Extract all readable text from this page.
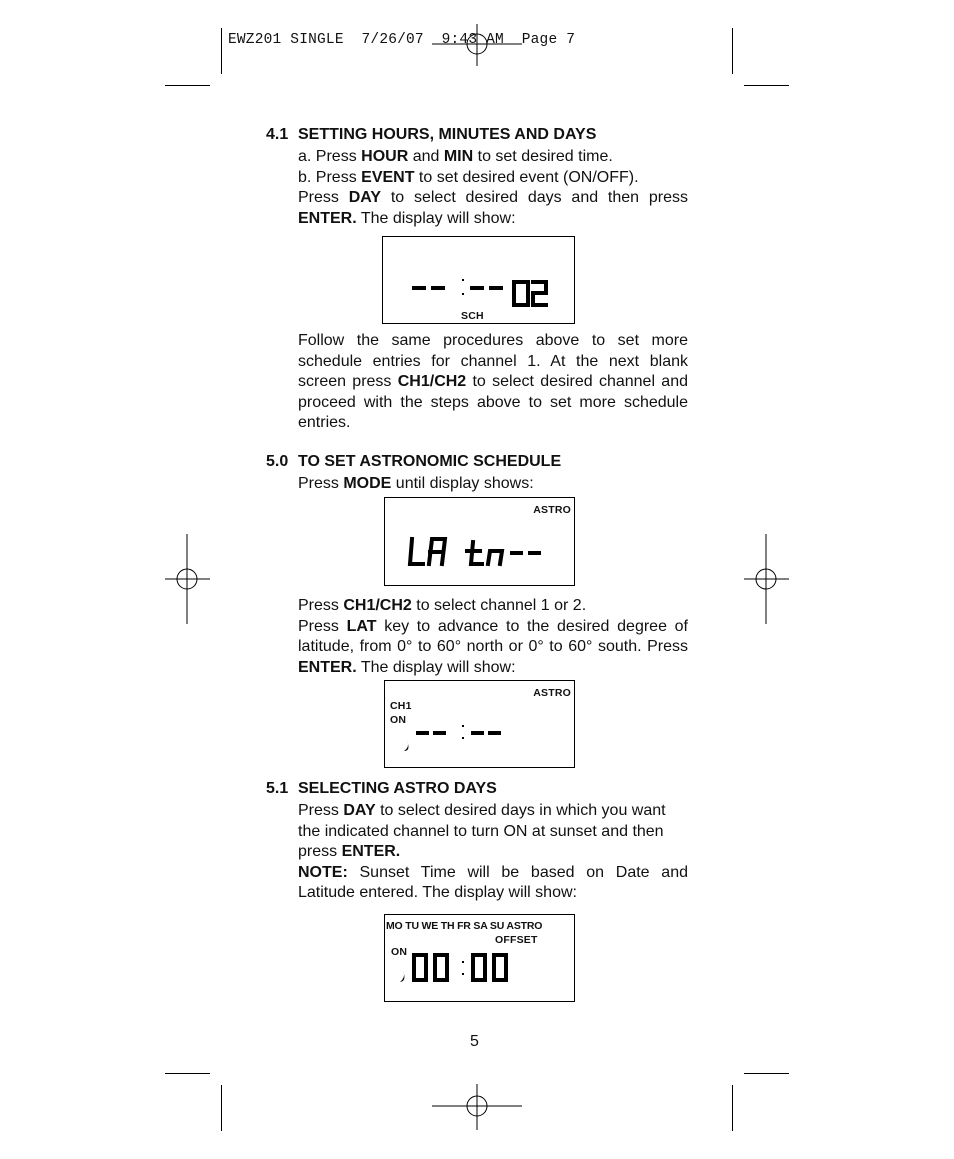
EWZ201 SINGLE  7/26/07  9:43 AM  Page 7
4.1 SETTING HOURS, MINUTES AND DAYS

a. Press HOUR and MIN to set desired time.

b. Press EVENT to set desired event (ON/OFF).

Press DAY to select desired days and then press ENTER. The display will show:

SCH

Follow the same procedures above to set more schedule entries for channel 1. At the next blank screen press CH1/CH2 to select desired channel and proceed with the steps above to set more schedule entries.

5.0 TO SET ASTRONOMIC SCHEDULE

Press MODE until display shows:

ASTRO

Press CH1/CH2 to select channel 1 or 2.

Press LAT key to advance to the desired degree of latitude, from 0° to 60° north or 0° to 60° south. Press ENTER. The display will show:

ASTRO
CH1
ON
5.1 SELECTING ASTRO DAYS

Press DAY to select desired days in which you want the indicated channel to turn ON at sunset and then press ENTER.

NOTE: Sunset Time will be based on Date and Latitude entered. The display will show:

MO TU WE TH FR SA SU ASTRO
OFFSET
ON
5
